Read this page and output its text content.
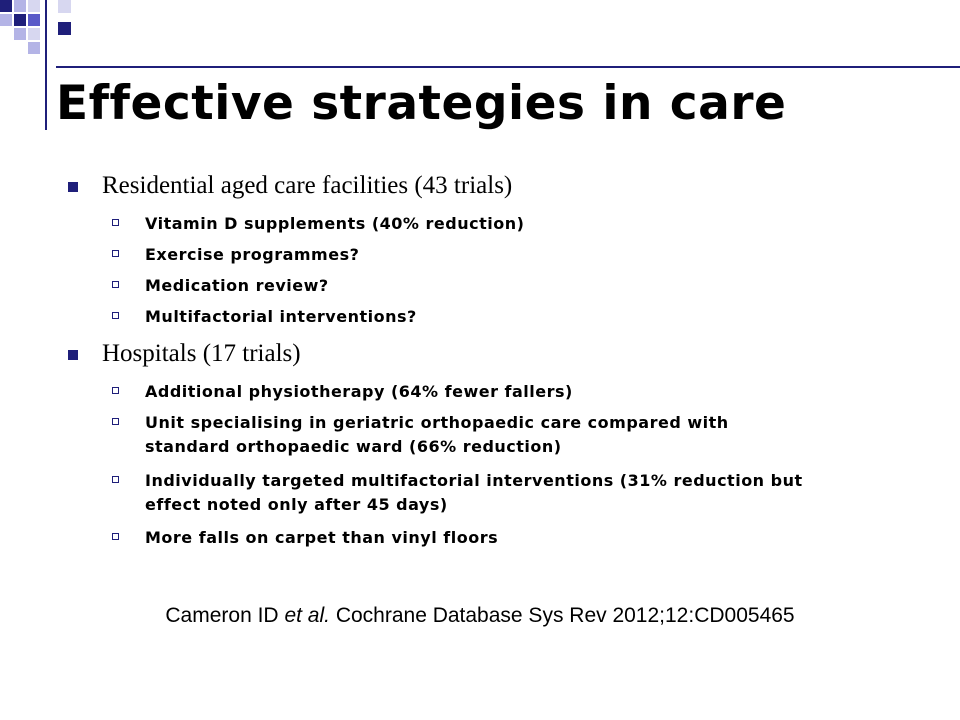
Effective strategies in care
Residential aged care facilities (43 trials)
Vitamin D supplements (40% reduction)
Exercise programmes?
Medication review?
Multifactorial interventions?
Hospitals (17 trials)
Additional physiotherapy (64% fewer fallers)
Unit specialising in geriatric orthopaedic care compared with standard orthopaedic ward (66% reduction)
Individually targeted multifactorial interventions (31% reduction but effect noted only after 45 days)
More falls on carpet than vinyl floors
Cameron ID et al. Cochrane Database Sys Rev 2012;12:CD005465
